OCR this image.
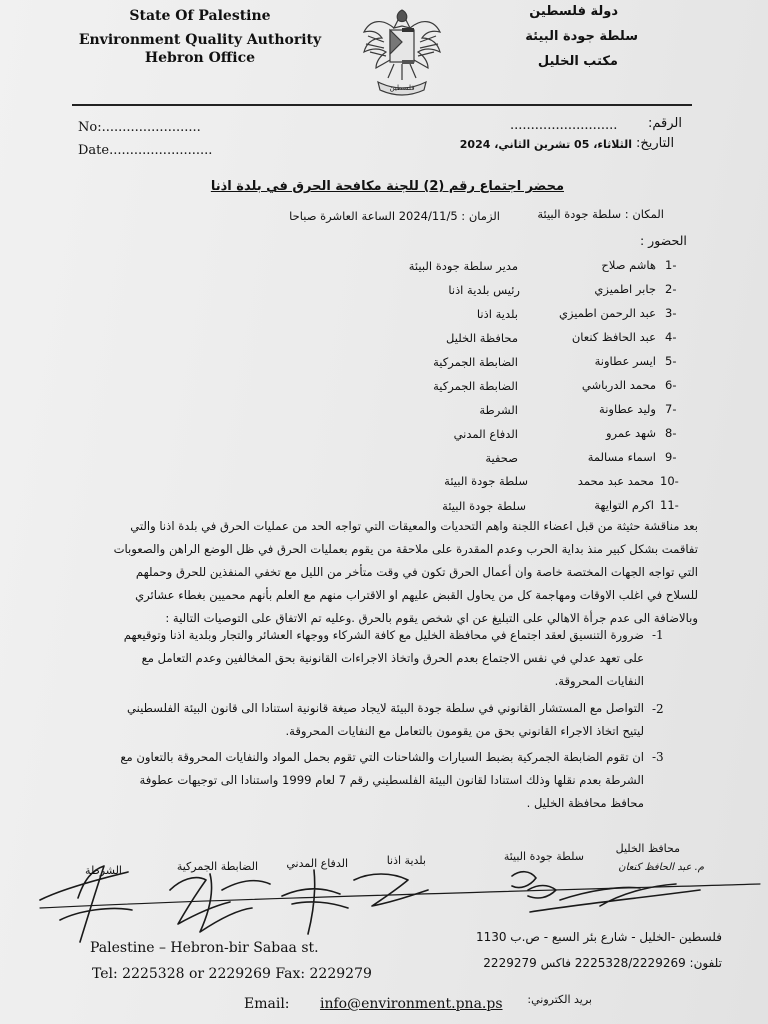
State Of Palestine
Environment Quality Authority
Hebron Office
فلسطين
دولة فلسطين
سلطة جودة البيئة
مكتب الخليل
No:........................
Date.........................
الرقم:
..........................
التاريخ:
الثلاثاء، 05 تشرين الثاني، 2024
محضر اجتماع رقم (2) للجنة مكافحة الحرق في بلدة اذنا
المكان : سلطة جودة البيئة
الزمان : 2024/11/5 الساعة العاشرة صباحا
الحضور :
1-
هاشم صلاح
مدير سلطة جودة البيئة
2-
جابر اطميزي
رئيس بلدية اذنا
3-
عبد الرحمن اطميزي
بلدية اذنا
4-
عبد الحافظ كنعان
محافظة الخليل
5-
ايسر عطاونة
الضابطة الجمركية
6-
محمد الدرباشي
الضابطة الجمركية
7-
وليد عطاونة
الشرطة
8-
شهد عمرو
الدفاع المدني
9-
اسماء مسالمة
صحفية
10-
محمد عبد محمد
سلطة جودة البيئة
11-
اكرم التوايهة
سلطة جودة البيئة
بعد مناقشة حثيثة من قبل اعضاء اللجنة واهم التحديات والمعيقات التي تواجه الحد من عمليات الحرق في بلدة اذنا والتي
تفاقمت بشكل كبير منذ بداية الحرب وعدم المقدرة على ملاحقة من يقوم بعمليات الحرق في ظل الوضع الراهن والصعوبات
التي تواجه الجهات المختصة خاصة وان أعمال الحرق تكون في وقت متأخر من الليل مع تخفي المنفذين للحرق وحملهم
للسلاح في اغلب الاوقات ومهاجمة كل من يحاول القبض عليهم او الاقتراب منهم مع العلم بأنهم محميين بغطاء عشائري
وبالاضافة الى عدم جرأة الاهالي على التبليغ عن اي شخص يقوم بالحرق .وعليه تم الاتفاق على التوصيات التالية :
-1
ضرورة التنسيق لعقد اجتماع في محافظة الخليل مع كافة الشركاء ووجهاء العشائر والتجار وبلدية اذنا وتوقيعهم
على تعهد عدلي في نفس الاجتماع بعدم الحرق واتخاذ الاجراءات القانونية بحق المخالفين وعدم التعامل مع
النفايات المحروقة.
-2
التواصل مع المستشار القانوني في سلطة جودة البيئة لايجاد صيغة قانونية استنادا الى قانون البيئة الفلسطيني
ليتيح اتخاذ الاجراء القانوني بحق من يقومون بالتعامل مع النفايات المحروقة.
-3
ان تقوم الضابطة الجمركية بضبط السيارات والشاحنات التي تقوم بحمل المواد والنفايات المحروقة بالتعاون مع
الشرطة بعدم نقلها وذلك استنادا لقانون البيئة الفلسطيني رقم 7 لعام 1999 واستنادا الى توجيهات عطوفة
محافظ محافظة الخليل .
محافظ الخليل
سلطة جودة البيئة
بلدية اذنا
الدفاع المدني
الضابطة الجمركية
الشرطة	م. عبد الحافظ كنعان
Palestine – Hebron-bir Sabaa st.
Tel: 2225328 or 2229269 Fax: 2229279
فلسطين -الخليل - شارع بئر السبع - ص.ب 1130
تلفون: 2225328/2229269 فاكس 2229279
Email: info@environment.pna.ps	بريد الكتروني:
